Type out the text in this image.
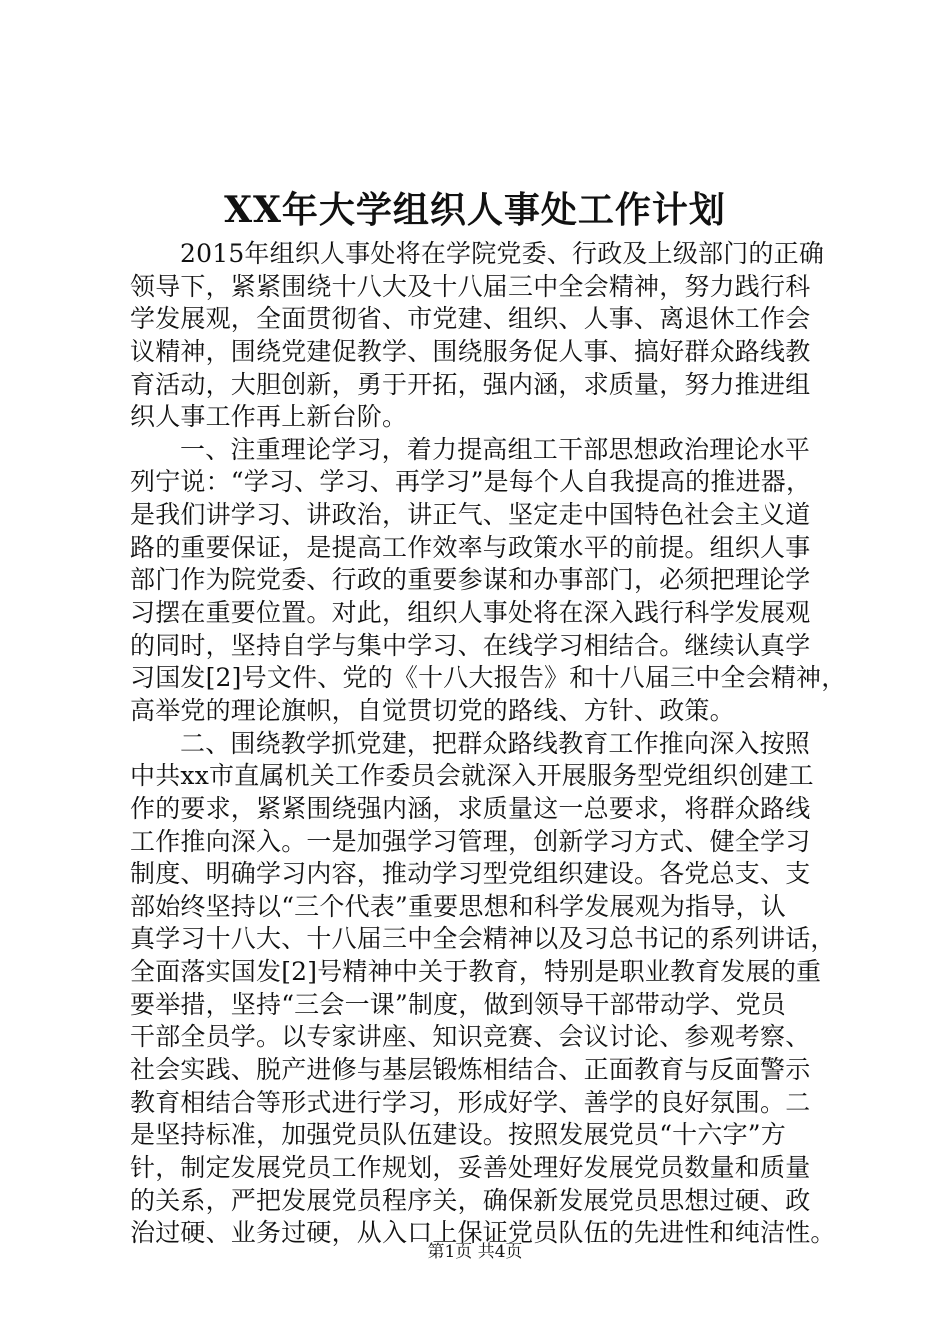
XX年大学组织人事处工作计划
2015年组织人事处将在学院党委、行政及上级部门的正确
领导下，紧紧围绕十八大及十八届三中全会精神，努力践行科
学发展观，全面贯彻省、市党建、组织、人事、离退休工作会
议精神，围绕党建促教学、围绕服务促人事、搞好群众路线教
育活动，大胆创新，勇于开拓，强内涵，求质量，努力推进组
织人事工作再上新台阶。
一、注重理论学习，着力提高组工干部思想政治理论水平
列宁说：“学习、学习、再学习”是每个人自我提高的推进器，
是我们讲学习、讲政治，讲正气、坚定走中国特色社会主义道
路的重要保证，是提高工作效率与政策水平的前提。组织人事
部门作为院党委、行政的重要参谋和办事部门，必须把理论学
习摆在重要位置。对此，组织人事处将在深入践行科学发展观
的同时，坚持自学与集中学习、在线学习相结合。继续认真学
习国发[2]号文件、党的《十八大报告》和十八届三中全会精神，
高举党的理论旗帜，自觉贯切党的路线、方针、政策。
二、围绕教学抓党建，把群众路线教育工作推向深入按照
中共xx市直属机关工作委员会就深入开展服务型党组织创建工
作的要求，紧紧围绕强内涵，求质量这一总要求，将群众路线
工作推向深入。一是加强学习管理，创新学习方式、健全学习
制度、明确学习内容，推动学习型党组织建设。各党总支、支
部始终坚持以“三个代表”重要思想和科学发展观为指导，认
真学习十八大、十八届三中全会精神以及习总书记的系列讲话，
全面落实国发[2]号精神中关于教育，特别是职业教育发展的重
要举措，坚持“三会一课”制度，做到领导干部带动学、党员
干部全员学。以专家讲座、知识竞赛、会议讨论、参观考察、
社会实践、脱产进修与基层锻炼相结合、正面教育与反面警示
教育相结合等形式进行学习，形成好学、善学的良好氛围。二
是坚持标准，加强党员队伍建设。按照发展党员“十六字”方
针，制定发展党员工作规划，妥善处理好发展党员数量和质量
的关系，严把发展党员程序关，确保新发展党员思想过硬、政
治过硬、业务过硬，从入口上保证党员队伍的先进性和纯洁性。
第1页 共4页
